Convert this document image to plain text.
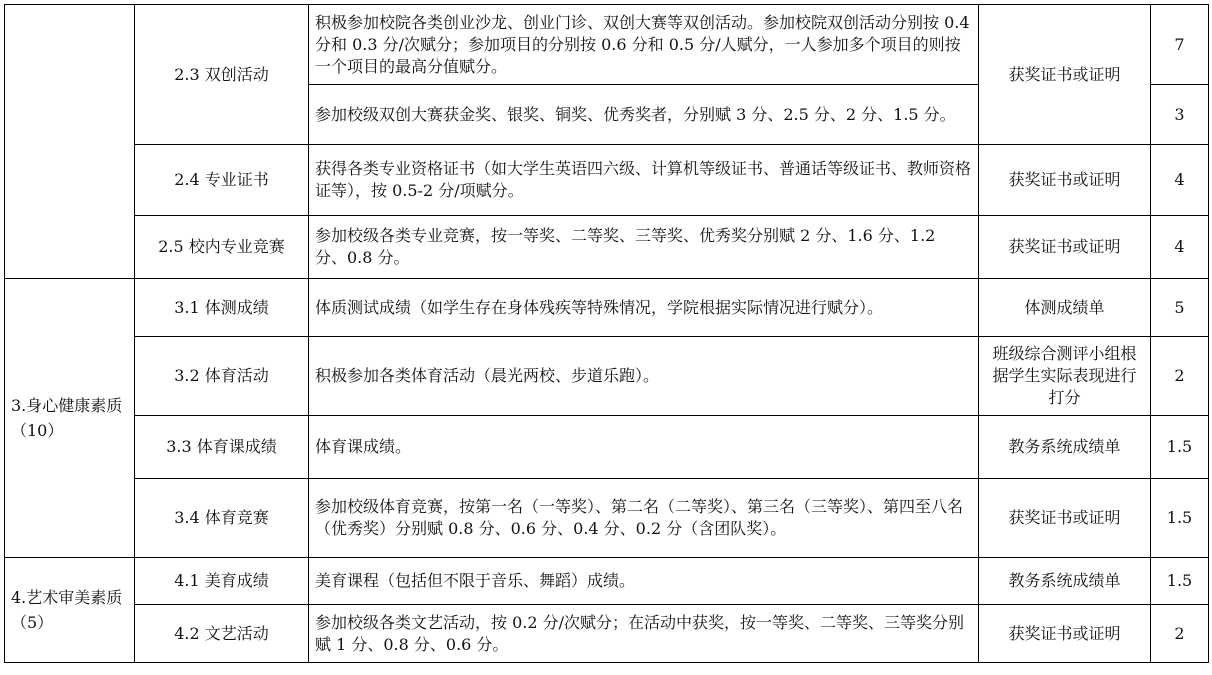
	2.3 双创活动	积极参加校院各类创业沙龙、创业门诊、双创大赛等双创活动。参加校院双创活动分别按 0.4 分和 0.3 分/次赋分；参加项目的分别按 0.6 分和 0.5 分/人赋分，一人参加多个项目的则按一个项目的最高分值赋分。	获奖证书或证明	7
		参加校级双创大赛获金奖、银奖、铜奖、优秀奖者，分别赋 3 分、2.5 分、2 分、1.5 分。		3
	2.4 专业证书	获得各类专业资格证书（如大学生英语四六级、计算机等级证书、普通话等级证书、教师资格证等），按 0.5-2 分/项赋分。	获奖证书或证明	4
	2.5 校内专业竞赛	参加校级各类专业竞赛，按一等奖、二等奖、三等奖、优秀奖分别赋 2 分、1.6 分、1.2 分、0.8 分。	获奖证书或证明	4
3.身心健康素质（10）	3.1 体测成绩	体质测试成绩（如学生存在身体残疾等特殊情况，学院根据实际情况进行赋分）。	体测成绩单	5
	3.2 体育活动	积极参加各类体育活动（晨光两校、步道乐跑）。	班级综合测评小组根据学生实际表现进行打分	2
	3.3 体育课成绩	体育课成绩。	教务系统成绩单	1.5
	3.4 体育竞赛	参加校级体育竞赛，按第一名（一等奖）、第二名（二等奖）、第三名（三等奖）、第四至八名（优秀奖）分别赋 0.8 分、0.6 分、0.4 分、0.2 分（含团队奖）。	获奖证书或证明	1.5
4.艺术审美素质（5）	4.1 美育成绩	美育课程（包括但不限于音乐、舞蹈）成绩。	教务系统成绩单	1.5
	4.2 文艺活动	参加校级各类文艺活动，按 0.2 分/次赋分；在活动中获奖，按一等奖、二等奖、三等奖分别赋 1 分、0.8 分、0.6 分。	获奖证书或证明	2
